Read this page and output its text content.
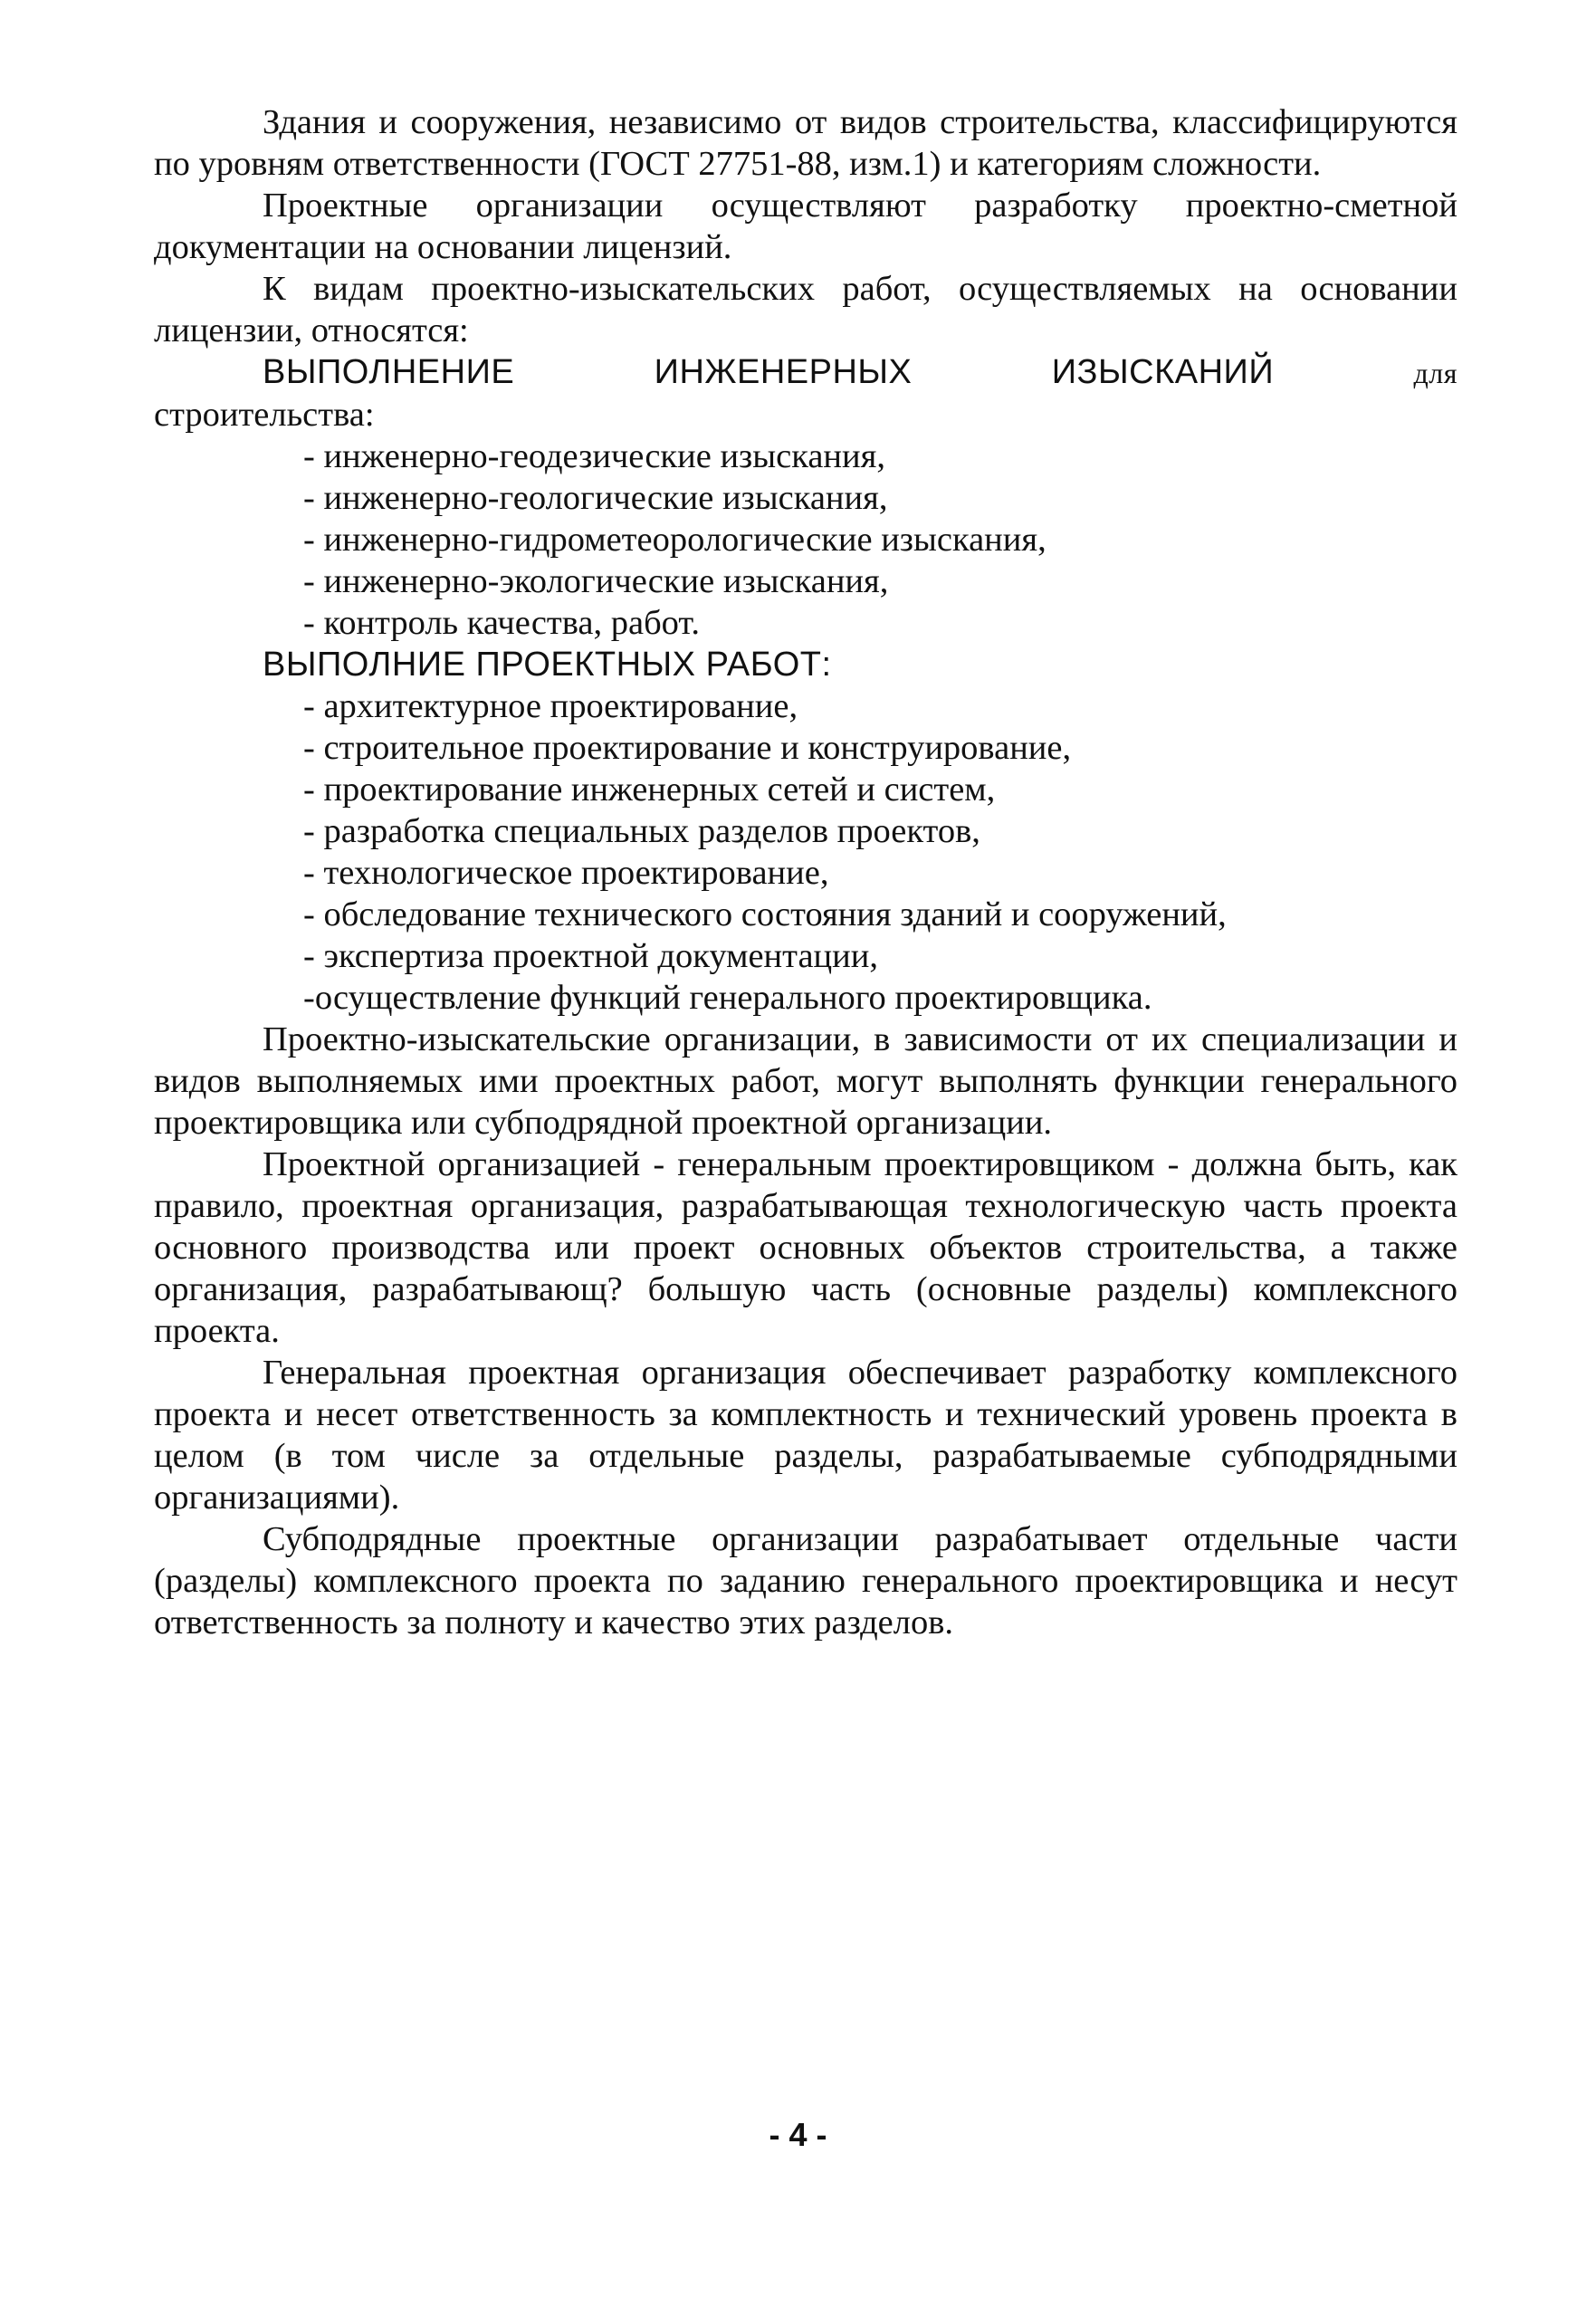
Здания и сооружения, независимо от видов строительства, классифицируются по уровням ответственности (ГОСТ 27751-88, изм.1) и категориям сложности.

Проектные организации осуществляют разработку проектно-сметной документации на основании лицензий.

К видам проектно-изыскательских работ, осуществляемых на основании лицензии, относятся:

ВЫПОЛНЕНИЕ	ИНЖЕНЕРНЫХ	ИЗЫСКАНИЙ	для

строительства:

- инженерно-геодезические изыскания,
- инженерно-геологические изыскания,
- инженерно-гидрометеорологические изыскания,
- инженерно-экологические изыскания,
- контроль качества, работ.
ВЫПОЛНИЕ ПРОЕКТНЫХ РАБОТ:
- архитектурное проектирование,
- строительное проектирование и конструирование,
- проектирование инженерных сетей и систем,
- разработка специальных разделов проектов,
- технологическое проектирование,
- обследование технического состояния зданий и сооружений,
- экспертиза проектной документации,
-осуществление функций генерального проектировщика.

Проектно-изыскательские организации, в зависимости от их специализации и видов выполняемых ими проектных работ, могут выполнять функции генерального проектировщика или субподрядной проектной организации.

Проектной организацией - генеральным проектировщиком - должна быть, как правило, проектная организация, разрабатывающая технологическую часть проекта основного производства или проект основных объектов строительства, а также организация, разрабатывающ? большую часть (основные разделы) комплексного проекта.

Генеральная проектная организация обеспечивает разработку комплексного проекта и несет ответственность за комплектность и технический уровень проекта в целом (в том числе за отдельные разделы, разрабатываемые субподрядными организациями).

Субподрядные проектные организации разрабатывает отдельные части (разделы) комплексного проекта по заданию генерального проектировщика и несут ответственность за полноту и качество этих разделов.

- 4 -
